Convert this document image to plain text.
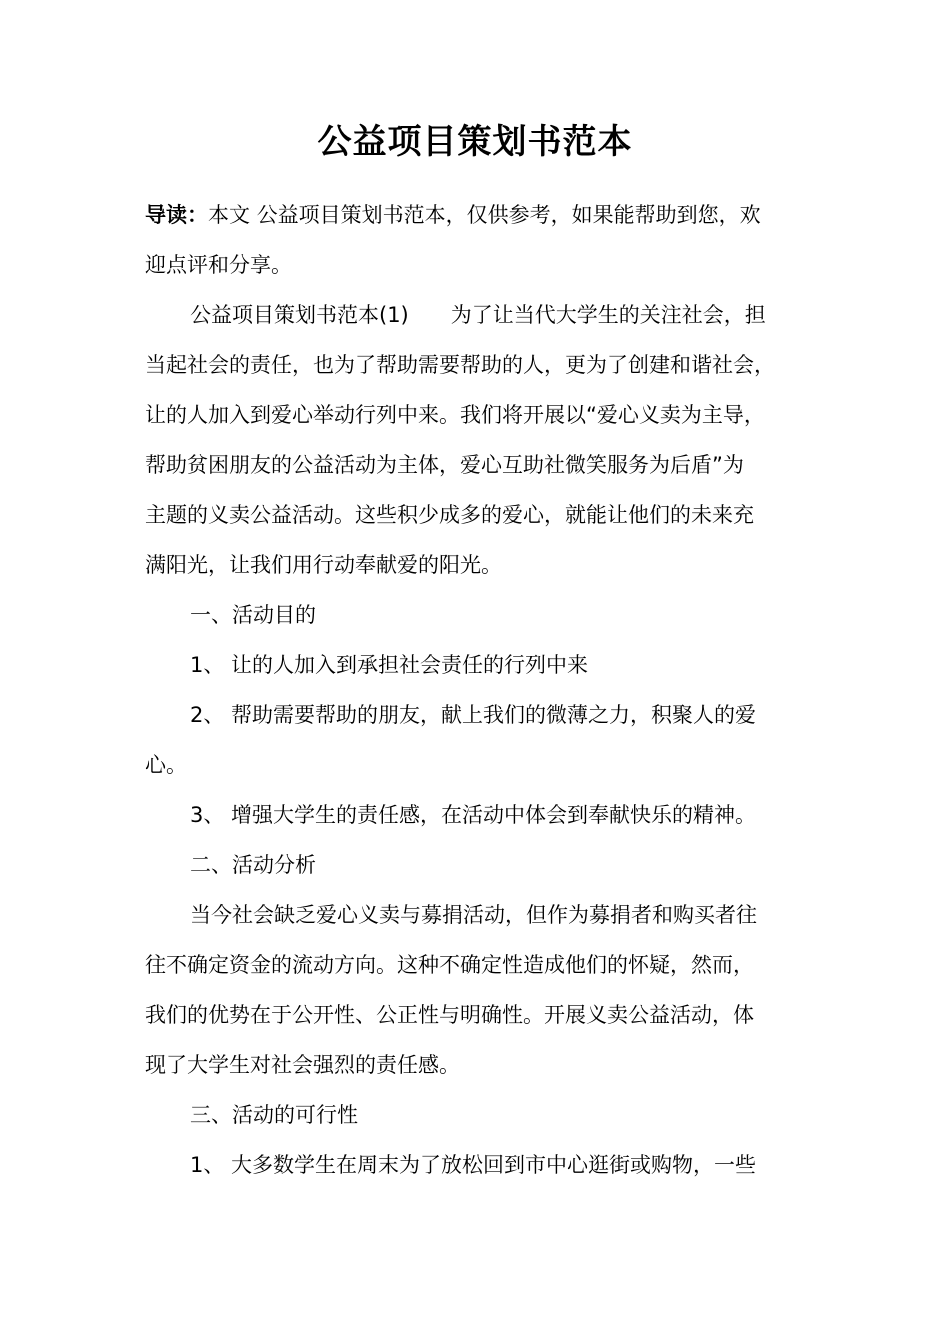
公益项目策划书范本
导读：本文 公益项目策划书范本，仅供参考，如果能帮助到您，欢
迎点评和分享。
公益项目策划书范本(1)　　为了让当代大学生的关注社会，担
当起社会的责任，也为了帮助需要帮助的人，更为了创建和谐社会，
让的人加入到爱心举动行列中来。我们将开展以“爱心义卖为主导，
帮助贫困朋友的公益活动为主体，爱心互助社微笑服务为后盾”为
主题的义卖公益活动。这些积少成多的爱心，就能让他们的未来充
满阳光，让我们用行动奉献爱的阳光。
一、活动目的
1、 让的人加入到承担社会责任的行列中来
2、 帮助需要帮助的朋友，献上我们的微薄之力，积聚人的爱
心。
3、 增强大学生的责任感，在活动中体会到奉献快乐的精神。
二、活动分析
当今社会缺乏爱心义卖与募捐活动，但作为募捐者和购买者往
往不确定资金的流动方向。这种不确定性造成他们的怀疑，然而，
我们的优势在于公开性、公正性与明确性。开展义卖公益活动，体
现了大学生对社会强烈的责任感。
三、活动的可行性
1、 大多数学生在周末为了放松回到市中心逛街或购物，一些
